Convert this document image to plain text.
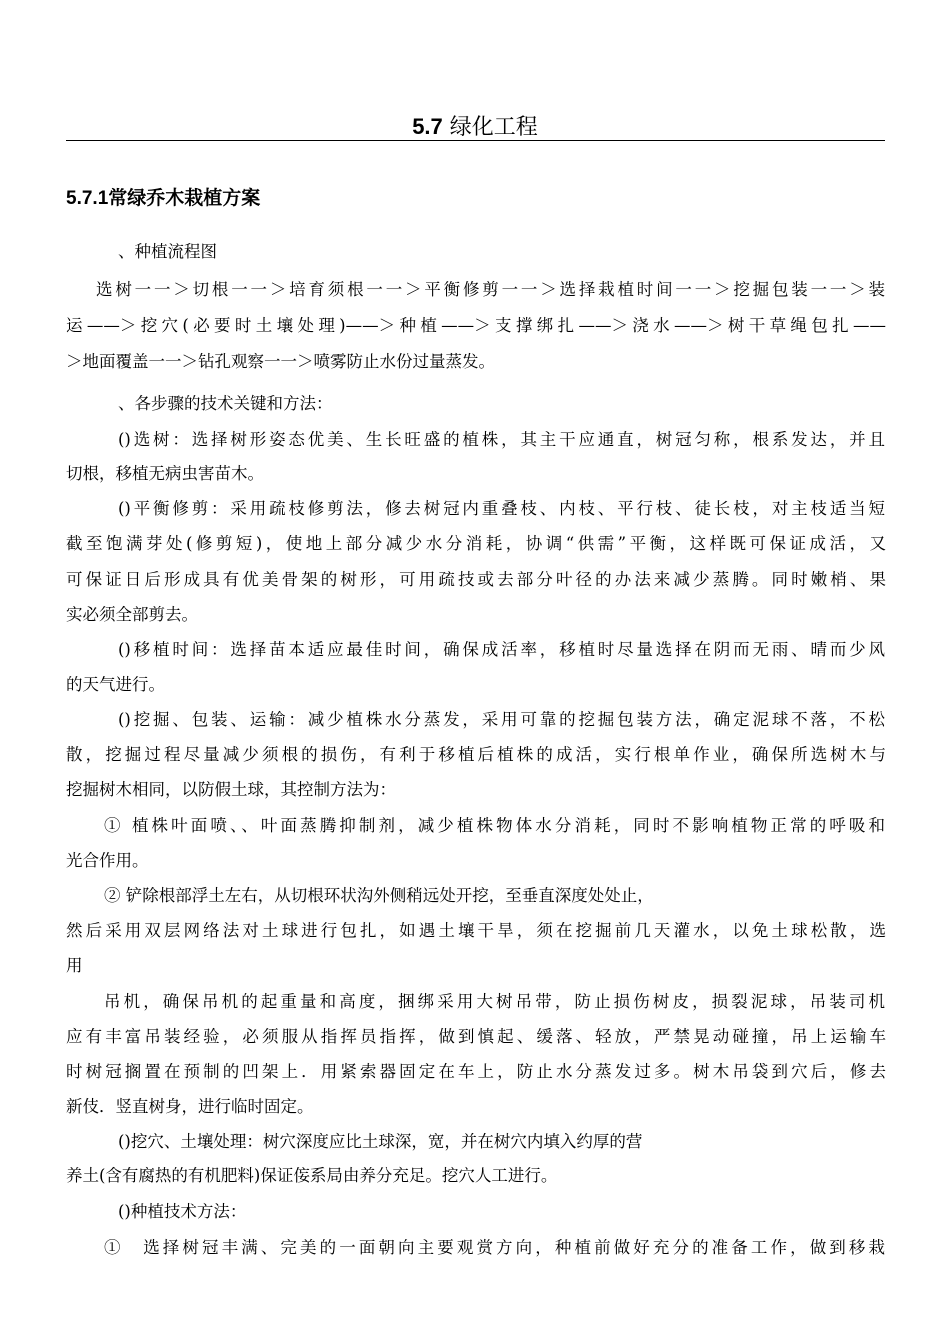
5.7 绿化工程
5.7.1常绿乔木栽植方案
、种植流程图
选树一一＞切根一一＞培育须根一一＞平衡修剪一一＞选择栽植时间一一＞挖掘包装一一＞装
运——＞挖穴(必要时土壤处理)——＞种植——＞支撑绑扎——＞浇水——＞树干草绳包扎——
＞地面覆盖一一＞钻孔观察一一＞喷雾防止水份过量蒸发。
、各步骤的技术关键和方法：
()选树：选择树形姿态优美、生长旺盛的植株，其主干应通直，树冠匀称，根系发达，并且
切根，移植无病虫害苗木。
()平衡修剪：采用疏枝修剪法，修去树冠内重叠枝、内枝、平行枝、徒长枝，对主枝适当短
截至饱满芽处(修剪短)，使地上部分减少水分消耗，协调“供需”平衡，这样既可保证成活，又
可保证日后形成具有优美骨架的树形，可用疏技或去部分叶径的办法来减少蒸腾。同时嫩梢、果
实必须全部剪去。
()移植时间：选择苗本适应最佳时间，确保成活率，移植时尽量选择在阴而无雨、晴而少风
的天气进行。
()挖掘、包装、运输：减少植株水分蒸发，采用可靠的挖掘包装方法，确定泥球不落，不松
散，挖掘过程尽量减少须根的损伤，有利于移植后植株的成活，实行根单作业，确保所选树木与
挖掘树木相同，以防假土球，其控制方法为：
① 植株叶面喷、、叶面蒸腾抑制剂，减少植株物体水分消耗，同时不影响植物正常的呼吸和
光合作用。
② 铲除根部浮土左右，从切根环状沟外侧稍远处开挖，至垂直深度处处止，
然后采用双层网络法对土球进行包扎，如遇土壤干旱，须在挖掘前几天灌水，以免土球松散，选
用
吊机，确保吊机的起重量和高度，捆绑采用大树吊带，防止损伤树皮，损裂泥球，吊装司机
应有丰富吊装经验，必须服从指挥员指挥，做到慎起、缓落、轻放，严禁晃动碰撞，吊上运输车
时树冠搁置在预制的凹架上．用紧索器固定在车上，防止水分蒸发过多。树木吊袋到穴后，修去
新伎．竖直树身，进行临时固定。
()挖穴、土壤处理：树穴深度应比土球深，宽，并在树穴内填入约厚的营
养土(含有腐热的有机肥料)保证侫系局由养分充足。挖穴人工进行。
()种植技术方法：
①　选择树冠丰满、完美的一面朝向主要观赏方向，种植前做好充分的准备工作，做到移栽
